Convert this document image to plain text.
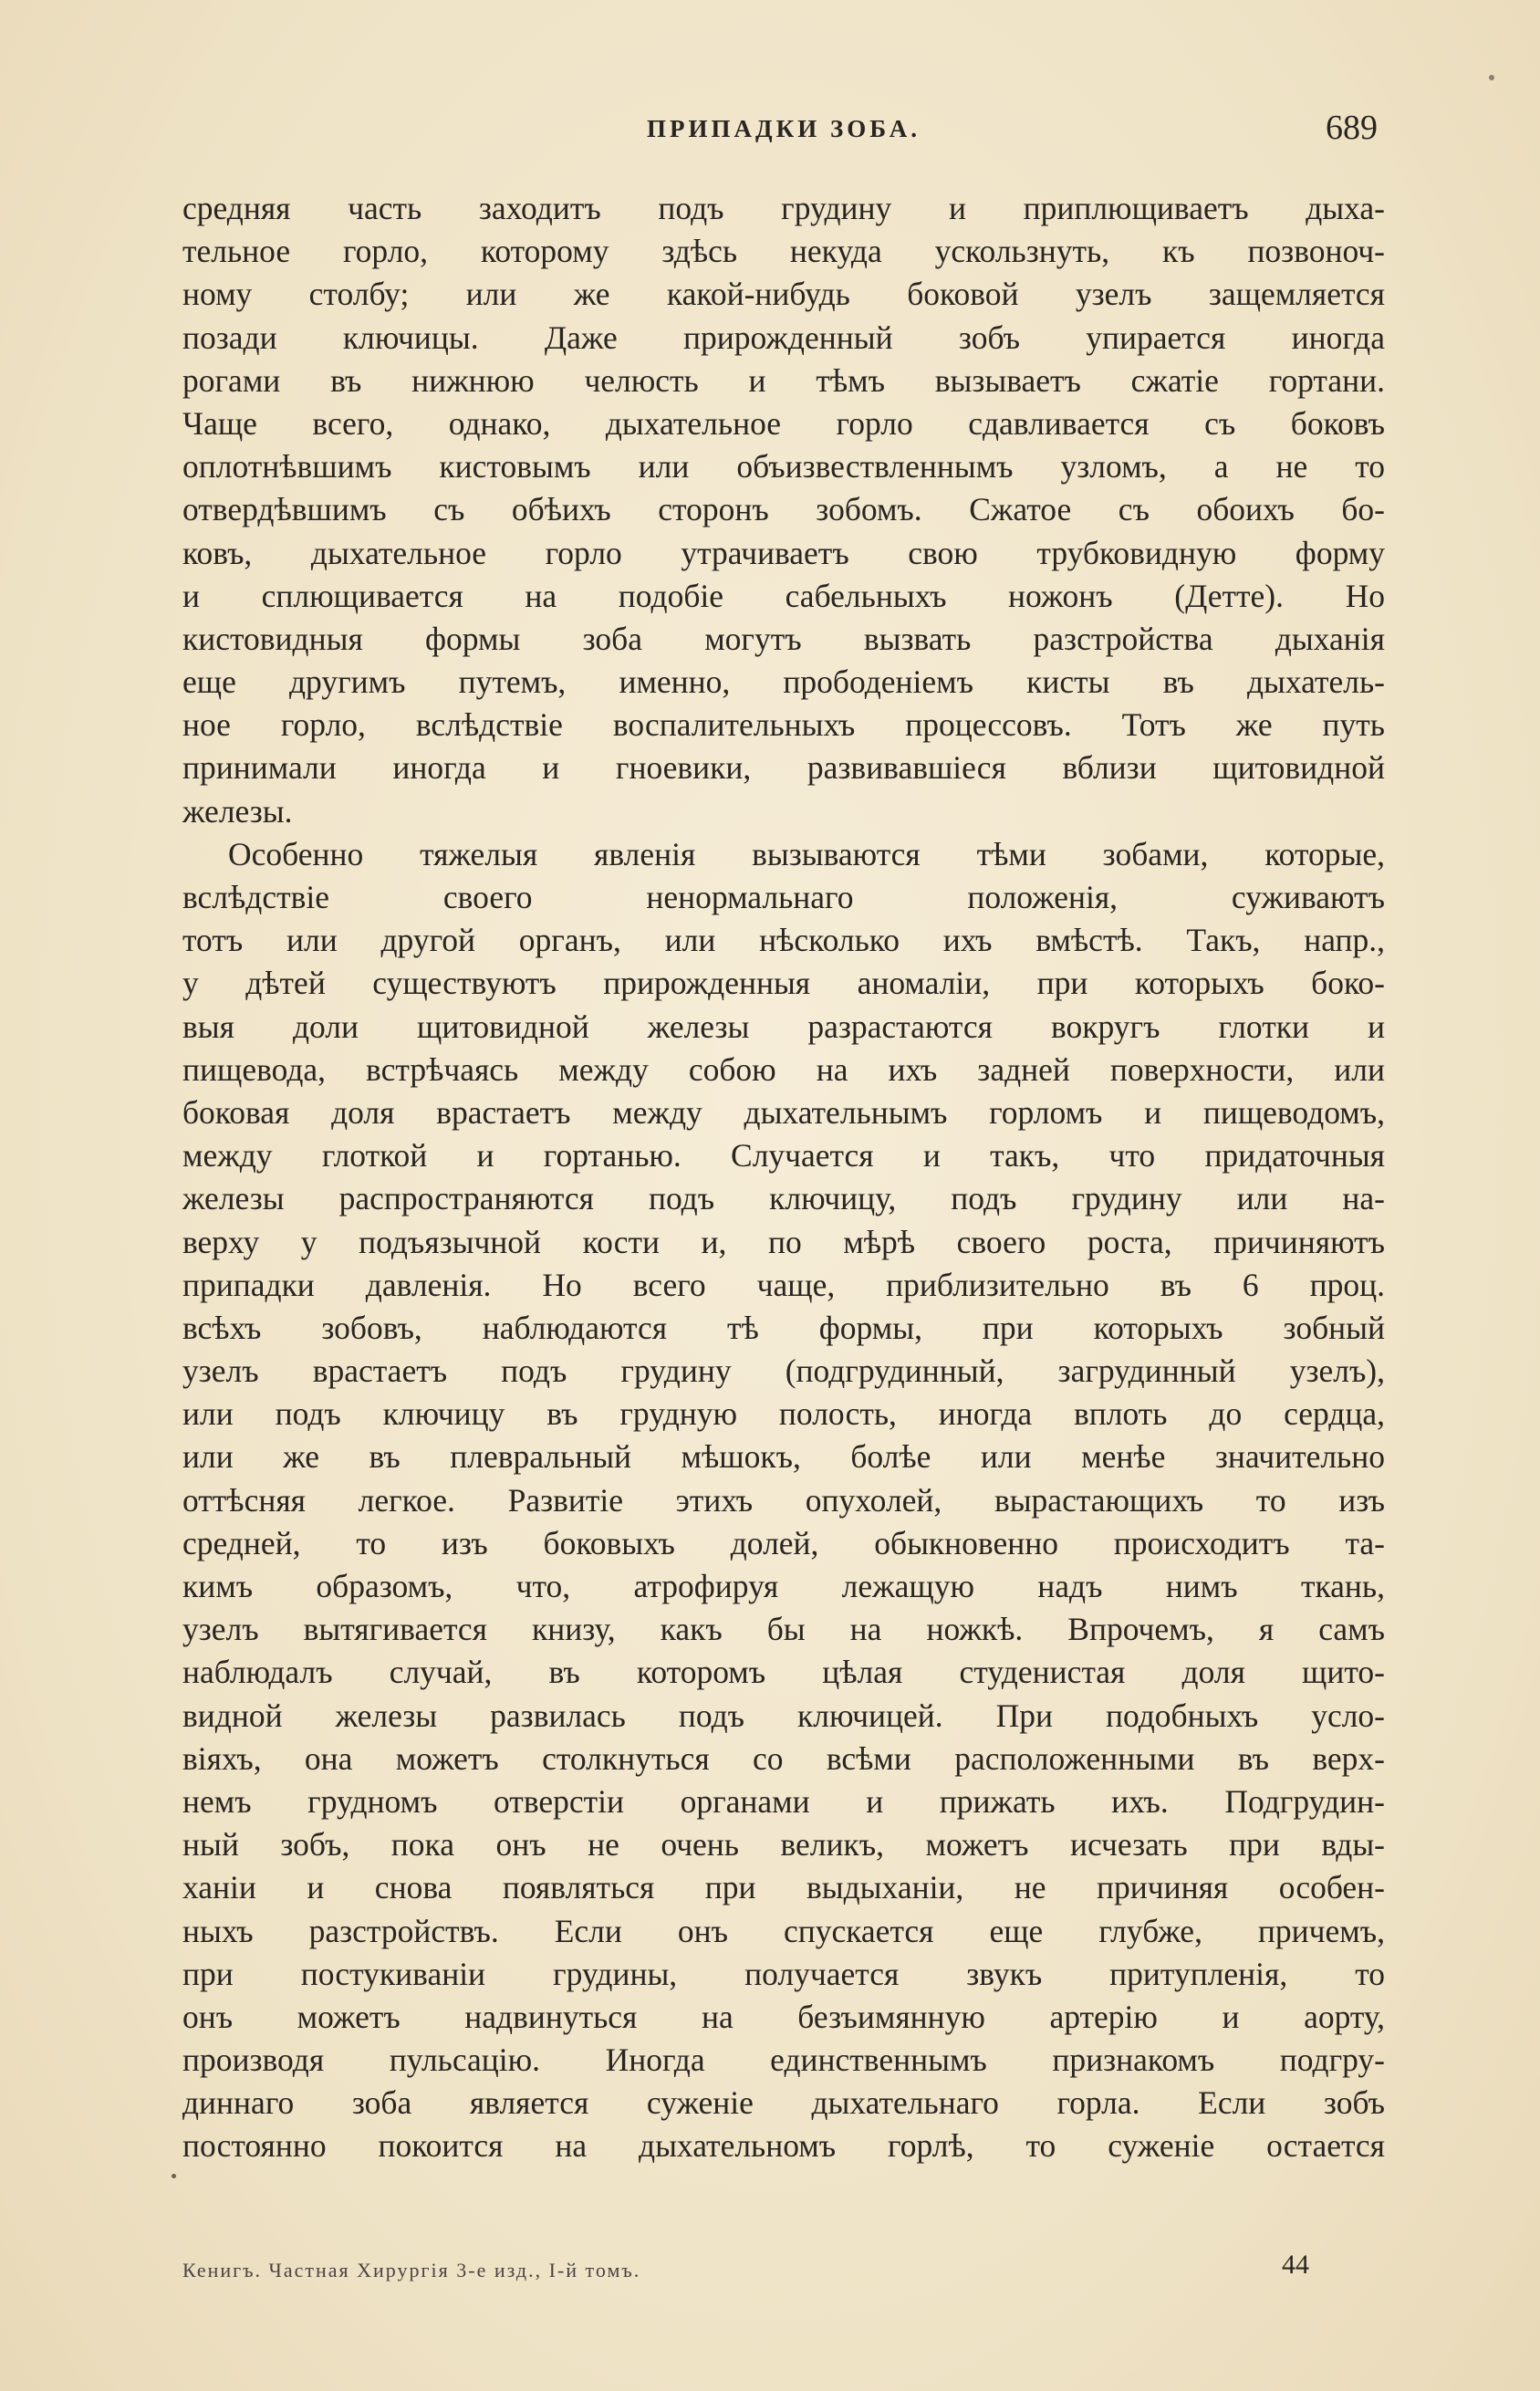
ПРИПАДКИ ЗОБА.	689
средняя часть заходитъ подъ грудину и приплющиваетъ дыха-
тельное горло, которому здѣсь некуда ускользнуть, къ позвоноч-
ному столбу; или же какой-нибудь боковой узелъ защемляется
позади ключицы. Даже прирожденный зобъ упирается иногда
рогами въ нижнюю челюсть и тѣмъ вызываетъ сжатіе гортани.
Чаще всего, однако, дыхательное горло сдавливается съ боковъ
оплотнѣвшимъ кистовымъ или объизвествленнымъ узломъ, а не то
отвердѣвшимъ съ обѣихъ сторонъ зобомъ. Сжатое съ обоихъ бо-
ковъ, дыхательное горло утрачиваетъ свою трубковидную форму
и сплющивается на подобіе сабельныхъ ножонъ (Детте). Но
кистовидныя формы зоба могутъ вызвать разстройства дыханія
еще другимъ путемъ, именно, прободеніемъ кисты въ дыхатель-
ное горло, вслѣдствіе воспалительныхъ процессовъ. Тотъ же путь
принимали иногда и гноевики, развивавшіеся вблизи щитовидной
железы.
Особенно тяжелыя явленія вызываются тѣми зобами, которые,
вслѣдствіе своего ненормальнаго положенія, суживаютъ
тотъ или другой органъ, или нѣсколько ихъ вмѣстѣ. Такъ, напр.,
у дѣтей существуютъ прирожденныя аномаліи, при которыхъ боко-
выя доли щитовидной железы разрастаются вокругъ глотки и
пищевода, встрѣчаясь между собою на ихъ задней поверхности, или
боковая доля врастаетъ между дыхательнымъ горломъ и пищеводомъ,
между глоткой и гортанью. Случается и такъ, что придаточныя
железы распространяются подъ ключицу, подъ грудину или на-
верху у подъязычной кости и, по мѣрѣ своего роста, причиняютъ
припадки давленія. Но всего чаще, приблизительно въ 6 проц.
всѣхъ зобовъ, наблюдаются тѣ формы, при которыхъ зобный
узелъ врастаетъ подъ грудину (подгрудинный, загрудинный узелъ),
или подъ ключицу въ грудную полость, иногда вплоть до сердца,
или же въ плевральный мѣшокъ, болѣе или менѣе значительно
оттѣсняя легкое. Развитіе этихъ опухолей, вырастающихъ то изъ
средней, то изъ боковыхъ долей, обыкновенно происходитъ та-
кимъ образомъ, что, атрофируя лежащую надъ нимъ ткань,
узелъ вытягивается книзу, какъ бы на ножкѣ. Впрочемъ, я самъ
наблюдалъ случай, въ которомъ цѣлая студенистая доля щито-
видной железы развилась подъ ключицей. При подобныхъ усло-
віяхъ, она можетъ столкнуться со всѣми расположенными въ верх-
немъ грудномъ отверстіи органами и прижать ихъ. Подгрудин-
ный зобъ, пока онъ не очень великъ, можетъ исчезать при вды-
ханіи и снова появляться при выдыханіи, не причиняя особен-
ныхъ разстройствъ. Если онъ спускается еще глубже, причемъ,
при постукиваніи грудины, получается звукъ притупленія, то
онъ можетъ надвинуться на безъимянную артерію и аорту,
производя пульсацію. Иногда единственнымъ признакомъ подгру-
диннаго зоба является суженіе дыхательнаго горла. Если зобъ
постоянно покоится на дыхательномъ горлѣ, то суженіе остается
Кенигъ. Частная Хирургія 3-е изд., I-й томъ.	44
